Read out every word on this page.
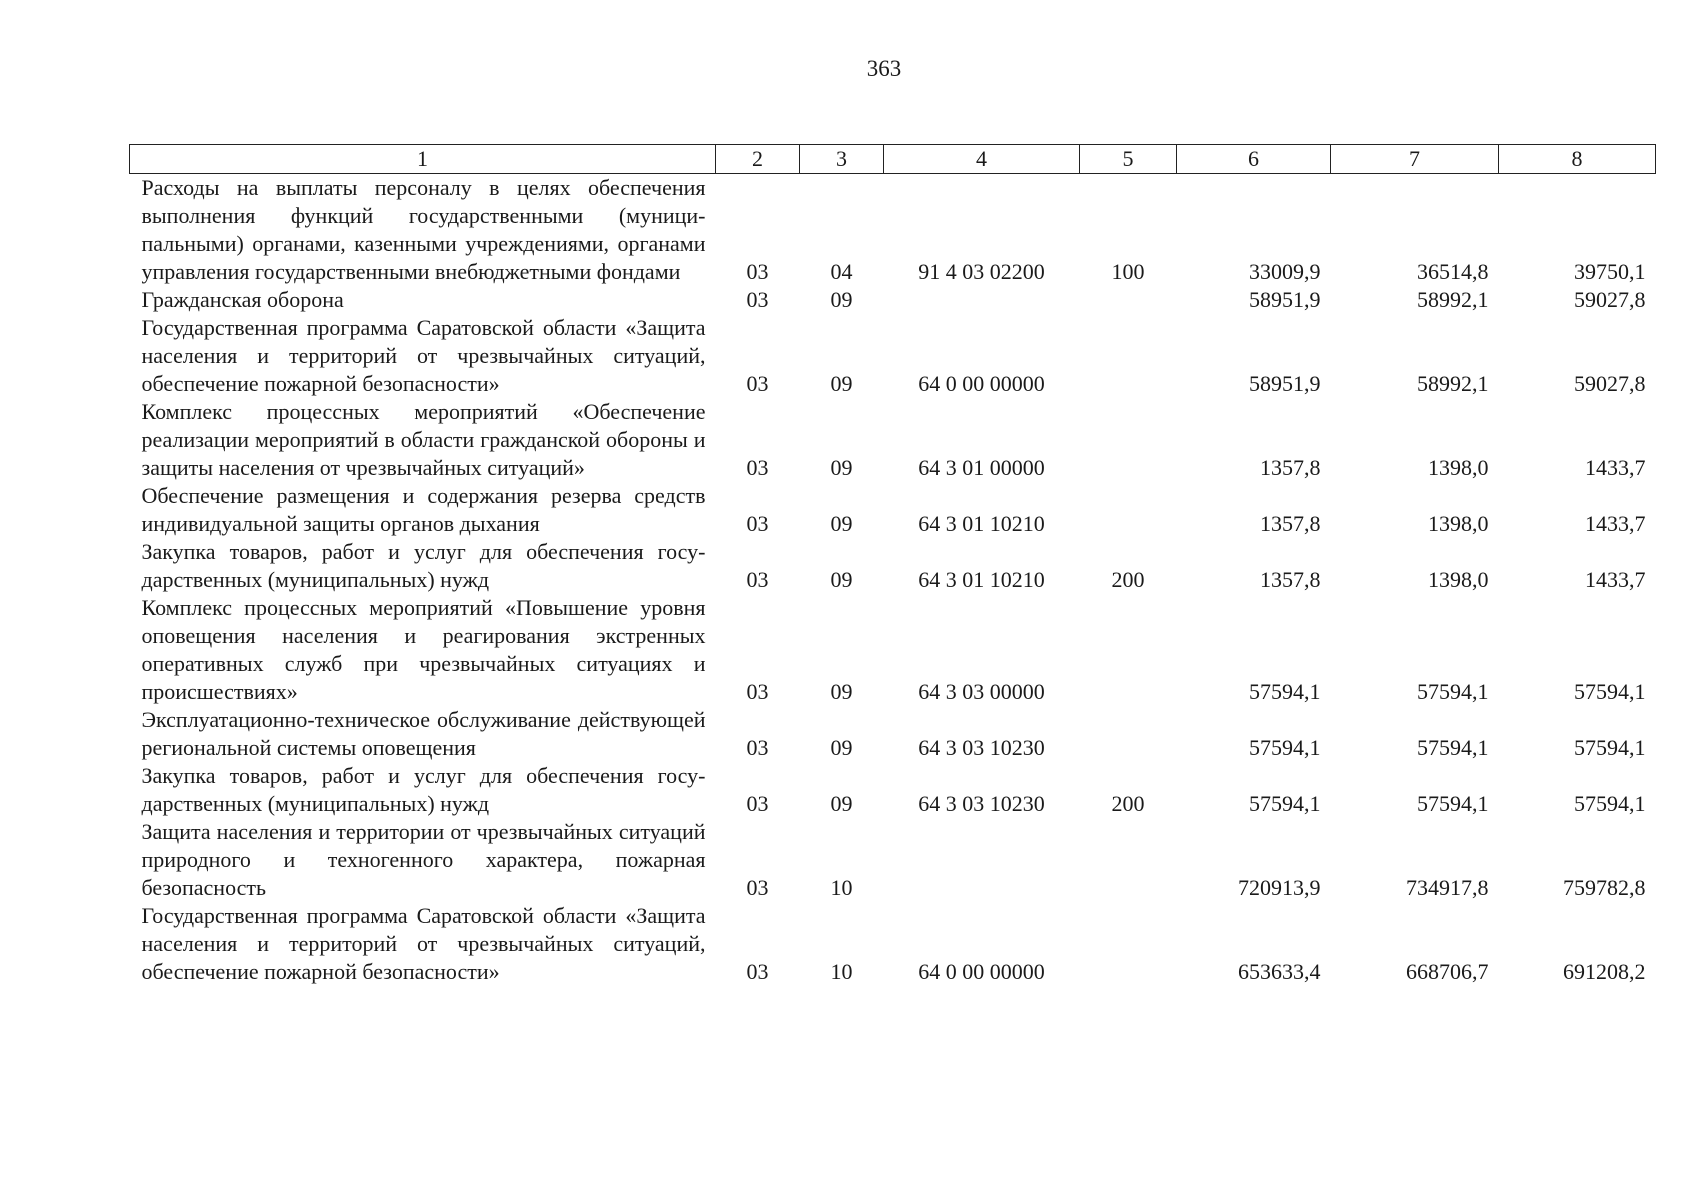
363
1	2	3	4	5	6	7	8
Расходы на выплаты персоналу в целях обеспечения выполнения функций государственными (муниципальными) органами, казенными учреждениями, органами управления государственными внебюджетными фондами	03	04	91 4 03 02200	100	33009,9	36514,8	39750,1
Гражданская оборона	03	09			58951,9	58992,1	59027,8
Государственная программа Саратовской области «Защита населения и территорий от чрезвычайных ситуаций, обеспечение пожарной безопасности»	03	09	64 0 00 00000		58951,9	58992,1	59027,8
Комплекс процессных мероприятий «Обеспечение реализации мероприятий в области гражданской обороны и защиты населения от чрезвычайных ситуаций»	03	09	64 3 01 00000		1357,8	1398,0	1433,7
Обеспечение размещения и содержания резерва средств индивидуальной защиты органов дыхания	03	09	64 3 01 10210		1357,8	1398,0	1433,7
Закупка товаров, работ и услуг для обеспечения государственных (муниципальных) нужд	03	09	64 3 01 10210	200	1357,8	1398,0	1433,7
Комплекс процессных мероприятий «Повышение уровня оповещения населения и реагирования экстренных оперативных служб при чрезвычайных ситуациях и происшествиях»	03	09	64 3 03 00000		57594,1	57594,1	57594,1
Эксплуатационно-техническое обслуживание действующей региональной системы оповещения	03	09	64 3 03 10230		57594,1	57594,1	57594,1
Закупка товаров, работ и услуг для обеспечения государственных (муниципальных) нужд	03	09	64 3 03 10230	200	57594,1	57594,1	57594,1
Защита населения и территории от чрезвычайных ситуаций природного и техногенного характера, пожарная безопасность	03	10			720913,9	734917,8	759782,8
Государственная программа Саратовской области «Защита населения и территорий от чрезвычайных ситуаций, обеспечение пожарной безопасности»	03	10	64 0 00 00000		653633,4	668706,7	691208,2
